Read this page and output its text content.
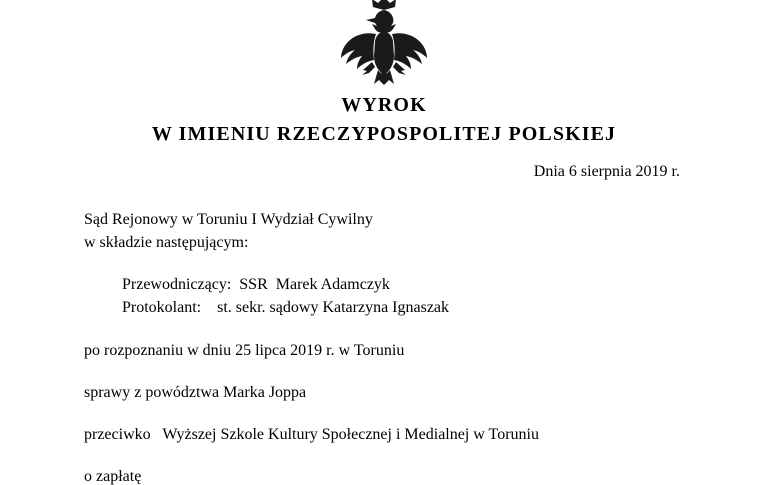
WYROK
W IMIENIU RZECZYPOSPOLITEJ POLSKIEJ
Dnia 6 sierpnia 2019 r.
Sąd Rejonowy w Toruniu I Wydział Cywilny
w składzie następującym:
Przewodniczący:  SSR  Marek Adamczyk
Protokolant:    st. sekr. sądowy Katarzyna Ignaszak
po rozpoznaniu w dniu 25 lipca 2019 r. w Toruniu
sprawy z powództwa Marka Joppa
przeciwko   Wyższej Szkole Kultury Społecznej i Medialnej w Toruniu
o zapłatę
